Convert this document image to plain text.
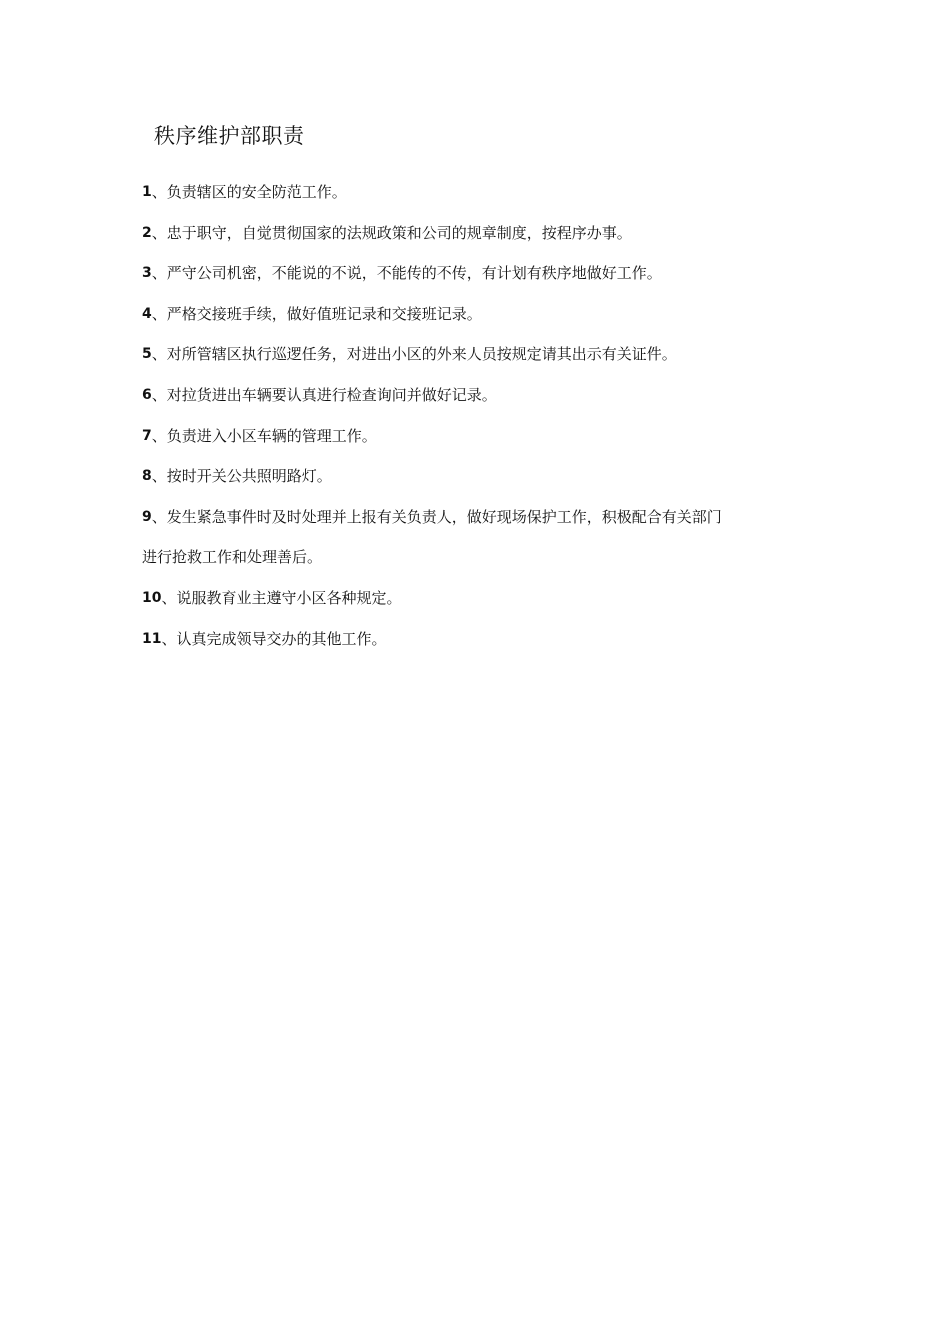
秩序维护部职责
1 、 负责辖区的安全防范工作。
2 、 忠于职守，自觉贯彻国家的法规政策和公司的规章制度，按程序办事。
3 、 严守公司机密，不能说的不说，不能传的不传，有计划有秩序地做好工作。
4 、 严格交接班手续，做好值班记录和交接班记录。
5 、 对所管辖区执行巡逻任务，对进出小区的外来人员按规定请其出示有关证件。
6 、 对拉货进出车辆要认真进行检查询问并做好记录。
7 、 负责进入小区车辆的管理工作。
8 、 按时开关公共照明路灯。
9 、 发生紧急事件时及时处理并上报有关负责人，做好现场保护工作，积极配合有关部门
进行抢救工作和处理善后。
10 、 说服教育业主遵守小区各种规定。
11 、 认真完成领导交办的其他工作。
